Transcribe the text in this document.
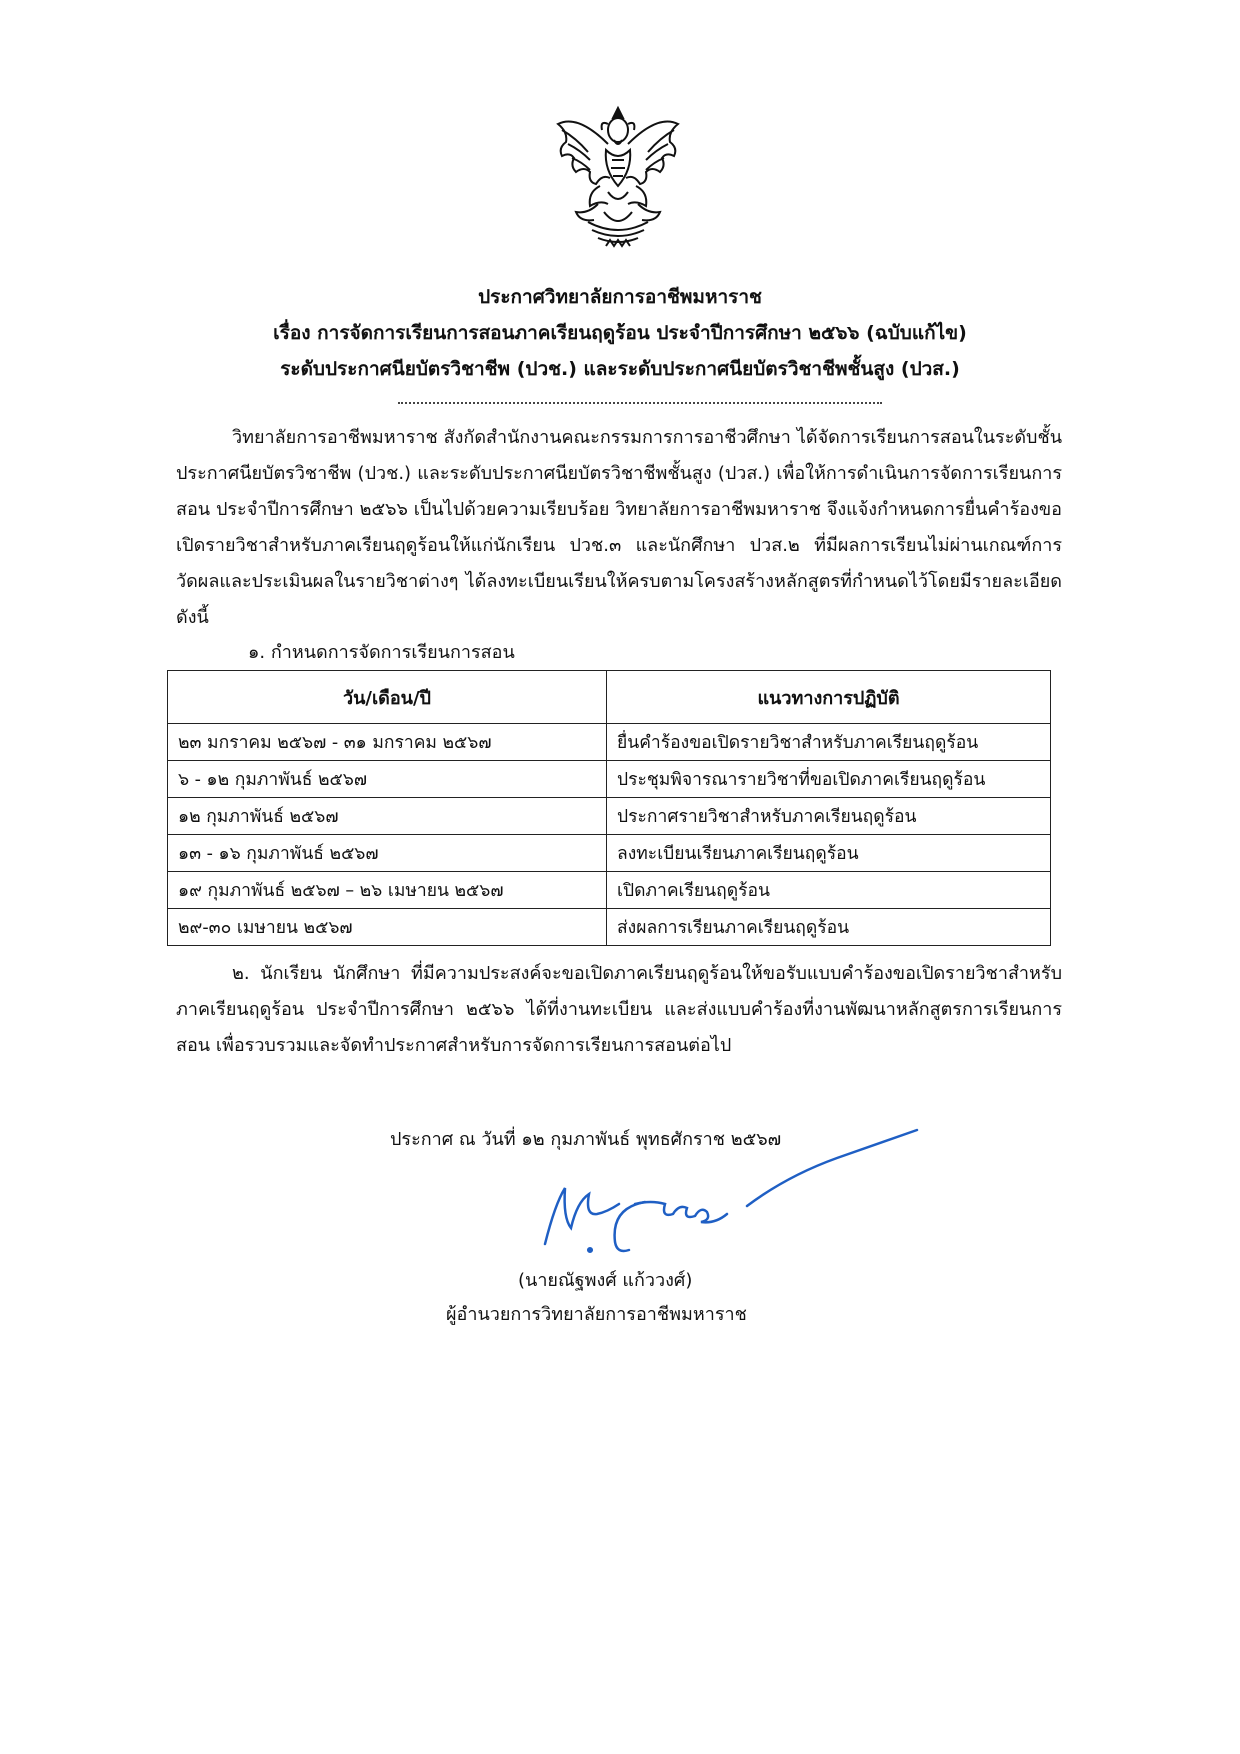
ประกาศวิทยาลัยการอาชีพมหาราช
เรื่อง การจัดการเรียนการสอนภาคเรียนฤดูร้อน ประจำปีการศึกษา ๒๕๖๖ (ฉบับแก้ไข)
ระดับประกาศนียบัตรวิชาชีพ (ปวช.) และระดับประกาศนียบัตรวิชาชีพชั้นสูง (ปวส.)
วิทยาลัยการอาชีพมหาราช สังกัดสำนักงานคณะกรรมการการอาชีวศึกษา ได้จัดการเรียนการสอนในระดับชั้นประกาศนียบัตรวิชาชีพ (ปวช.) และระดับประกาศนียบัตรวิชาชีพชั้นสูง (ปวส.) เพื่อให้การดำเนินการจัดการเรียนการสอน ประจำปีการศึกษา ๒๕๖๖ เป็นไปด้วยความเรียบร้อย วิทยาลัยการอาชีพมหาราช จึงแจ้งกำหนดการยื่นคำร้องขอเปิดรายวิชาสำหรับภาคเรียนฤดูร้อนให้แก่นักเรียน ปวช.๓ และนักศึกษา ปวส.๒ ที่มีผลการเรียนไม่ผ่านเกณฑ์การวัดผลและประเมินผลในรายวิชาต่างๆ ได้ลงทะเบียนเรียนให้ครบตามโครงสร้างหลักสูตรที่กำหนดไว้โดยมีรายละเอียด ดังนี้
๑. กำหนดการจัดการเรียนการสอน
วัน/เดือน/ปี	แนวทางการปฏิบัติ
๒๓ มกราคม ๒๕๖๗ - ๓๑ มกราคม ๒๕๖๗	ยื่นคำร้องขอเปิดรายวิชาสำหรับภาคเรียนฤดูร้อน
๖ - ๑๒ กุมภาพันธ์ ๒๕๖๗	ประชุมพิจารณารายวิชาที่ขอเปิดภาคเรียนฤดูร้อน
๑๒ กุมภาพันธ์ ๒๕๖๗	ประกาศรายวิชาสำหรับภาคเรียนฤดูร้อน
๑๓ - ๑๖ กุมภาพันธ์ ๒๕๖๗	ลงทะเบียนเรียนภาคเรียนฤดูร้อน
๑๙ กุมภาพันธ์ ๒๕๖๗ – ๒๖ เมษายน ๒๕๖๗	เปิดภาคเรียนฤดูร้อน
๒๙-๓๐ เมษายน ๒๕๖๗	ส่งผลการเรียนภาคเรียนฤดูร้อน
๒. นักเรียน นักศึกษา ที่มีความประสงค์จะขอเปิดภาคเรียนฤดูร้อนให้ขอรับแบบคำร้องขอเปิดรายวิชาสำหรับภาคเรียนฤดูร้อน ประจำปีการศึกษา ๒๕๖๖ ได้ที่งานทะเบียน และส่งแบบคำร้องที่งานพัฒนาหลักสูตรการเรียนการสอน เพื่อรวบรวมและจัดทำประกาศสำหรับการจัดการเรียนการสอนต่อไป
ประกาศ ณ วันที่ ๑๒ กุมภาพันธ์ พุทธศักราช ๒๕๖๗
(นายณัฐพงศ์ แก้ววงศ์)
ผู้อำนวยการวิทยาลัยการอาชีพมหาราช
